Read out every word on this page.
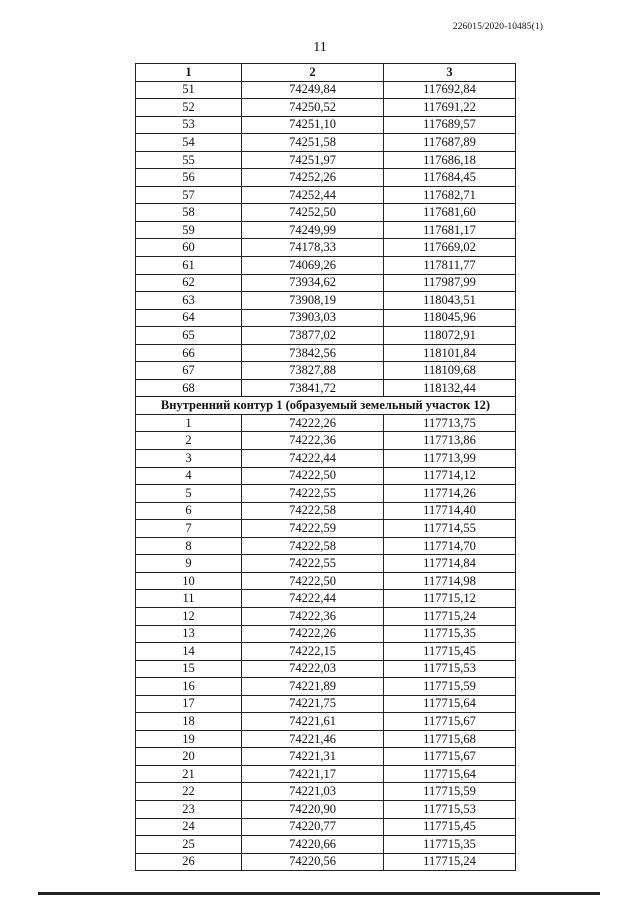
226015/2020-10485(1)
11
1	2	3
51	74249,84	117692,84
52	74250,52	117691,22
53	74251,10	117689,57
54	74251,58	117687,89
55	74251,97	117686,18
56	74252,26	117684,45
57	74252,44	117682,71
58	74252,50	117681,60
59	74249,99	117681,17
60	74178,33	117669,02
61	74069,26	117811,77
62	73934,62	117987,99
63	73908,19	118043,51
64	73903,03	118045,96
65	73877,02	118072,91
66	73842,56	118101,84
67	73827,88	118109,68
68	73841,72	118132,44
Внутренний контур 1 (образуемый земельный участок 12)		
1	74222,26	117713,75
2	74222,36	117713,86
3	74222,44	117713,99
4	74222,50	117714,12
5	74222,55	117714,26
6	74222,58	117714,40
7	74222,59	117714,55
8	74222,58	117714,70
9	74222,55	117714,84
10	74222,50	117714,98
11	74222,44	117715,12
12	74222,36	117715,24
13	74222,26	117715,35
14	74222,15	117715,45
15	74222,03	117715,53
16	74221,89	117715,59
17	74221,75	117715,64
18	74221,61	117715,67
19	74221,46	117715,68
20	74221,31	117715,67
21	74221,17	117715,64
22	74221,03	117715,59
23	74220,90	117715,53
24	74220,77	117715,45
25	74220,66	117715,35
26	74220,56	117715,24
